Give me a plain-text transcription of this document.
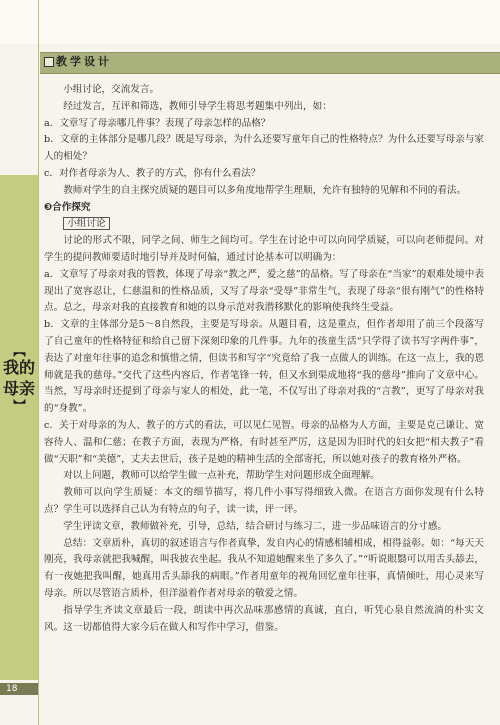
教学设计
【
我的母亲
】
18

小组讨论，交流发言。

经过发言，互评和筛选，教师引导学生将思考题集中列出，如：

a．文章写了母亲哪几件事？表现了母亲怎样的品格？

b．文章的主体部分是哪几段？既是写母亲，为什么还要写童年自己的性格特点？为什么还要写母亲与家人的相处？

c．对作者母亲为人、教子的方式，你有什么看法？

教师对学生的自主探究质疑的题目可以多角度地帮学生理顺，允许有独特的见解和不同的看法。

❸合作探究

小组讨论

讨论的形式不限，同学之间、师生之间均可。学生在讨论中可以向同学质疑，可以向老师提问。对学生的提问教师要适时地引导并及时何偏，通过讨论基本可以明确为：

a．文章写了母亲对我的管教，体现了母亲“教之严，爱之慈”的品格。写了母亲在“当家”的艰难处境中表现出了宽容忍让，仁慈温和的性格品质，又写了母亲“受辱”非常生气，表现了母亲“很有刚气”的性格特点。总之，母亲对我的直接教育和她的以身示范对我潜移默化的影响使我终生受益。

b．文章的主体部分是5～8自然段，主要是写母亲。从题目看，这是重点，但作者却用了前三个段落写了自己童年的性格特征和给自己留下深刻印象的几件事。九年的孩童生活“只学得了读书写字两件事”，表达了对童年往事的追念和慎惜之情，但读书和写字“究竟给了我一点做人的训练。在这一点上，我的恩师就是我的慈母。”交代了这些内容后，作者笔锋一转，但又水到渠成地将“我的慈母”推向了文章中心。当然，写母亲时还提到了母亲与家人的相处，此一笔，不仅写出了母亲对我的“言教”，更写了母亲对我的“身教”。

c．关于对母亲的为人、教子的方式的看法，可以见仁见智。母亲的品格为人方面，主要是克己谦让、宽容待人、温和仁慈；在教子方面，表现为严格，有时甚至严厉，这是因为旧时代的妇女把“相夫教子”看做“天职”和“美德”，丈夫去世后，孩子是她的精神生活的全部寄托，所以她对孩子的教育格外严格。

对以上问题，教师可以给学生做一点补充，帮助学生对问题形成全面理解。

教师可以向学生质疑：本文的细节描写，将几件小事写得细致入微。在语言方面你发现有什么特点？学生可以选择自己认为有特点的句子，读一读，评一评。

学生评读文章，教师做补充，引导，总结，结合研讨与练习二，进一步品味语言的分寸感。

总结：文章质朴，真切的叙述语言与作者真挚，发自内心的情感相辅相成，相得益彰。如：“每天天刚亮，我母亲就把我喊醒，叫我披衣坐起。我从不知道她醒来坐了多久了。”“听说眼翳可以用舌头舔去，有一夜她把我叫醒，她真用舌头舔我的病眼。”作者用童年的视角回忆童年往事，真情倾吐，用心灵来写母亲。所以尽管语言质朴，但洋溢着作者对母亲的敬爱之情。

指导学生齐读文章最后一段，朗读中再次品味那感情的真诚，直白，听凭心泉自然流淌的朴实文风。这一切都值得大家今后在做人和写作中学习，借鉴。
